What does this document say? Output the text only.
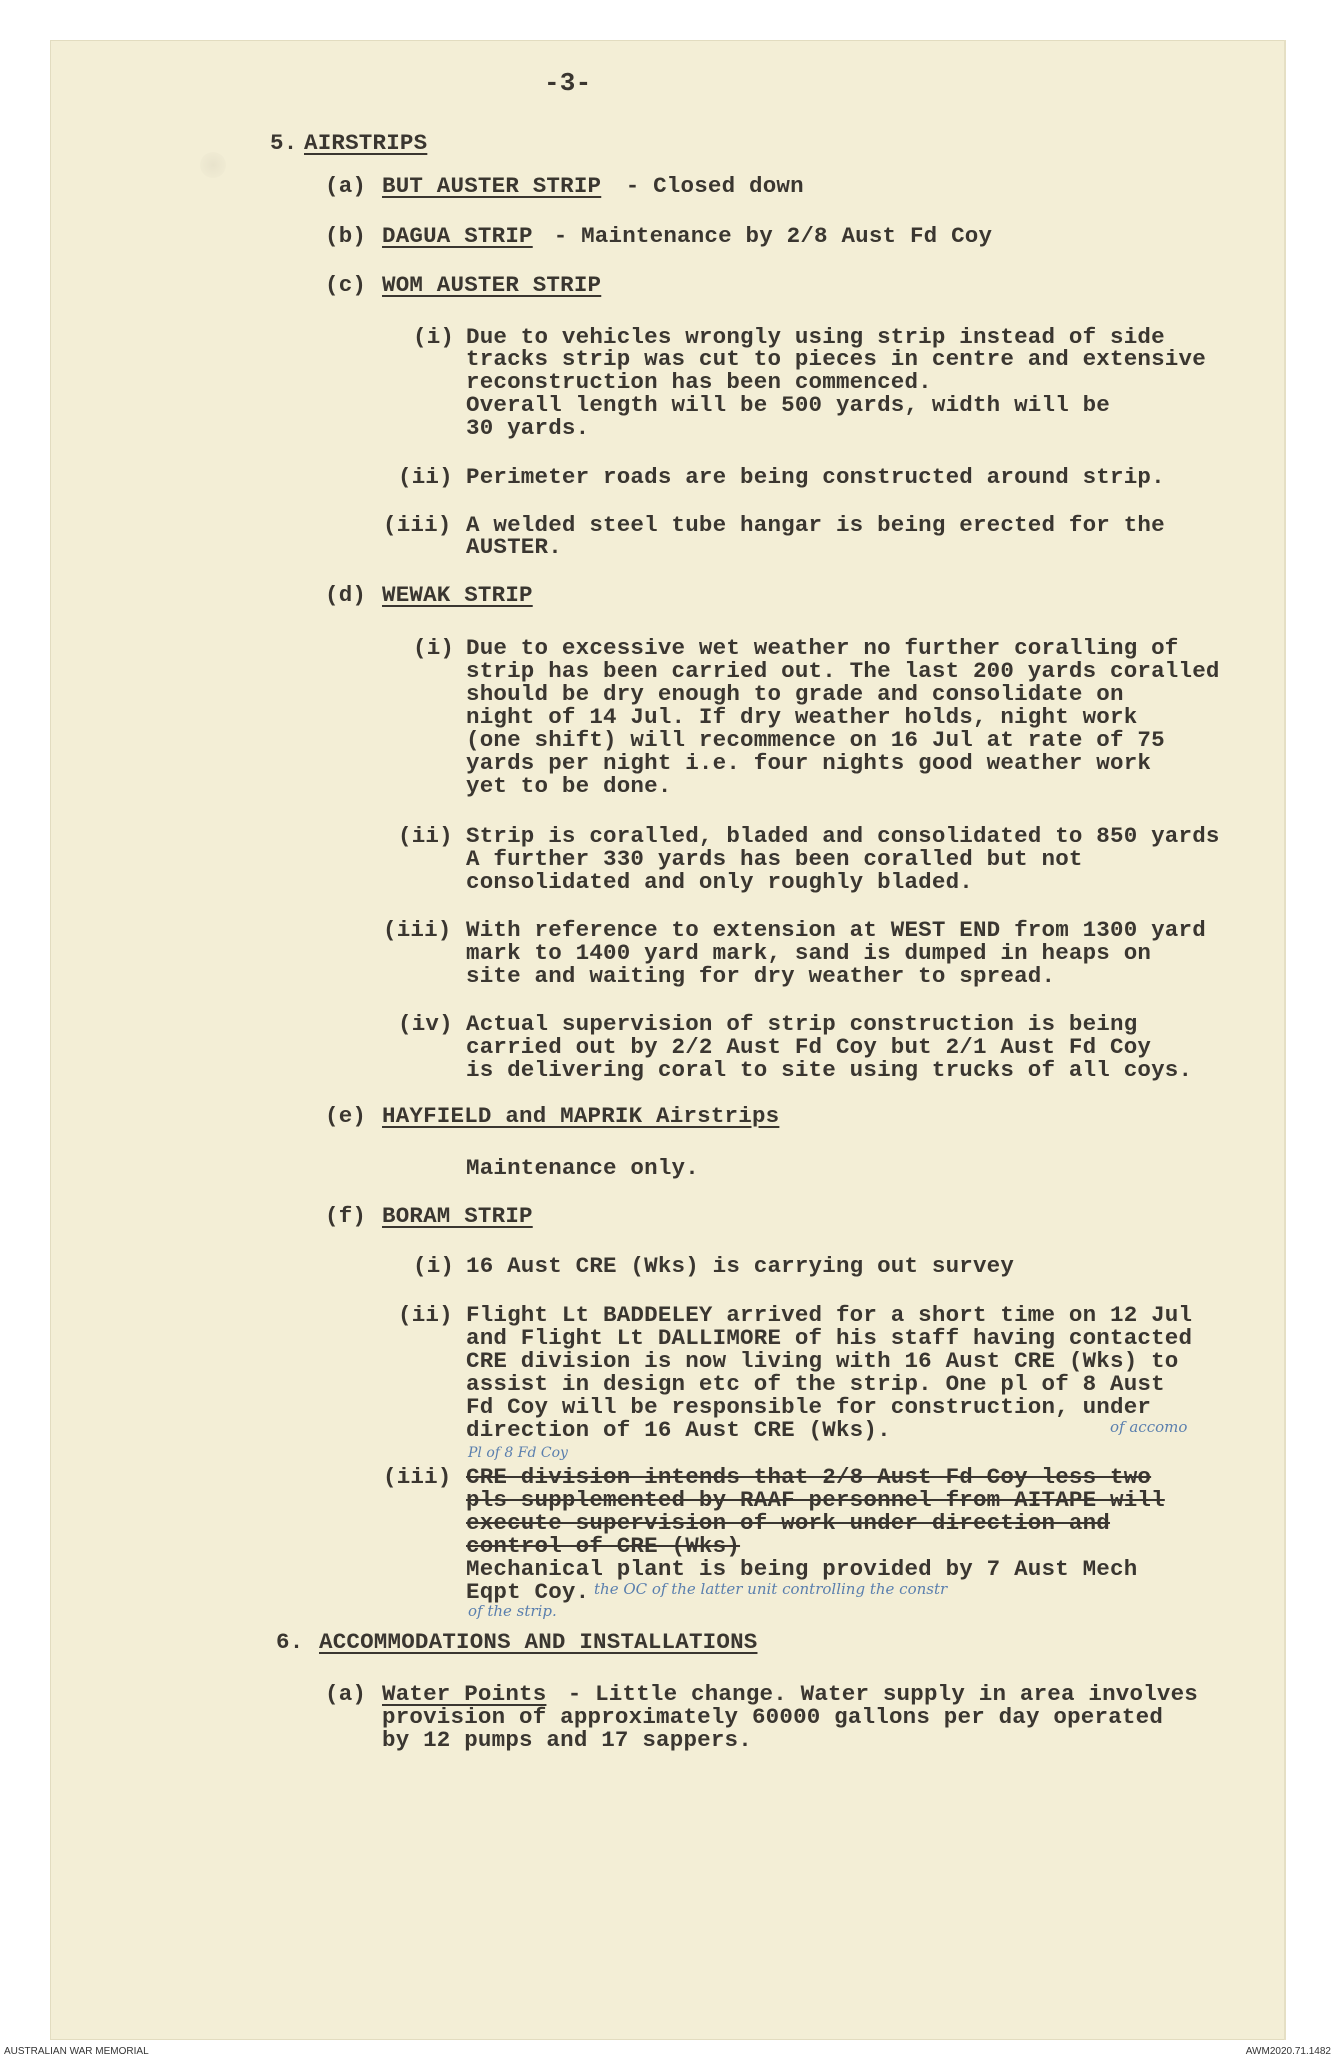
-3-
5. AIRSTRIPS
(a) BUT AUSTER STRIP - Closed down
(b) DAGUA STRIP - Maintenance by 2/8 Aust Fd Coy
(c) WOM AUSTER STRIP
(i) Due to vehicles wrongly using strip instead of side
tracks strip was cut to pieces in centre and extensive
reconstruction has been commenced.
Overall length will be 500 yards, width will be
30 yards.
(ii) Perimeter roads are being constructed around strip.
(iii) A welded steel tube hangar is being erected for the
AUSTER.
(d) WEWAK STRIP
(i) Due to excessive wet weather no further coralling of
strip has been carried out. The last 200 yards coralled
should be dry enough to grade and consolidate on
night of 14 Jul. If dry weather holds, night work
(one shift) will recommence on 16 Jul at rate of 75
yards per night i.e. four nights good weather work
yet to be done.
(ii) Strip is coralled, bladed and consolidated to 850 yards
A further 330 yards has been coralled but not
consolidated and only roughly bladed.
(iii) With reference to extension at WEST END from 1300 yard
mark to 1400 yard mark, sand is dumped in heaps on
site and waiting for dry weather to spread.
(iv) Actual supervision of strip construction is being
carried out by 2/2 Aust Fd Coy but 2/1 Aust Fd Coy
is delivering coral to site using trucks of all coys.
(e) HAYFIELD and MAPRIK Airstrips
Maintenance only.
(f) BORAM STRIP
(i) 16 Aust CRE (Wks) is carrying out survey
(ii) Flight Lt BADDELEY arrived for a short time on 12 Jul
and Flight Lt DALLIMORE of his staff having contacted
CRE division is now living with 16 Aust CRE (Wks) to
assist in design etc of the strip. One pl of 8 Aust
Fd Coy will be responsible for construction, under
direction of 16 Aust CRE (Wks).	of accomo
Pl of 8 Fd Coy
(iii) CRE division intends that 2/8 Aust Fd Coy less two
pls supplemented by RAAF personnel from AITAPE will
execute supervision of work under direction and
control of CRE (Wks)
Mechanical plant is being provided by 7 Aust Mech
Eqpt Coy. the OC of the latter unit controlling the constr
of the strip.
6. ACCOMMODATIONS AND INSTALLATIONS
(a) Water Points - Little change. Water supply in area involves
provision of approximately 60000 gallons per day operated
by 12 pumps and 17 sappers.
AUSTRALIAN WAR MEMORIAL	AWM2020.71.1482
